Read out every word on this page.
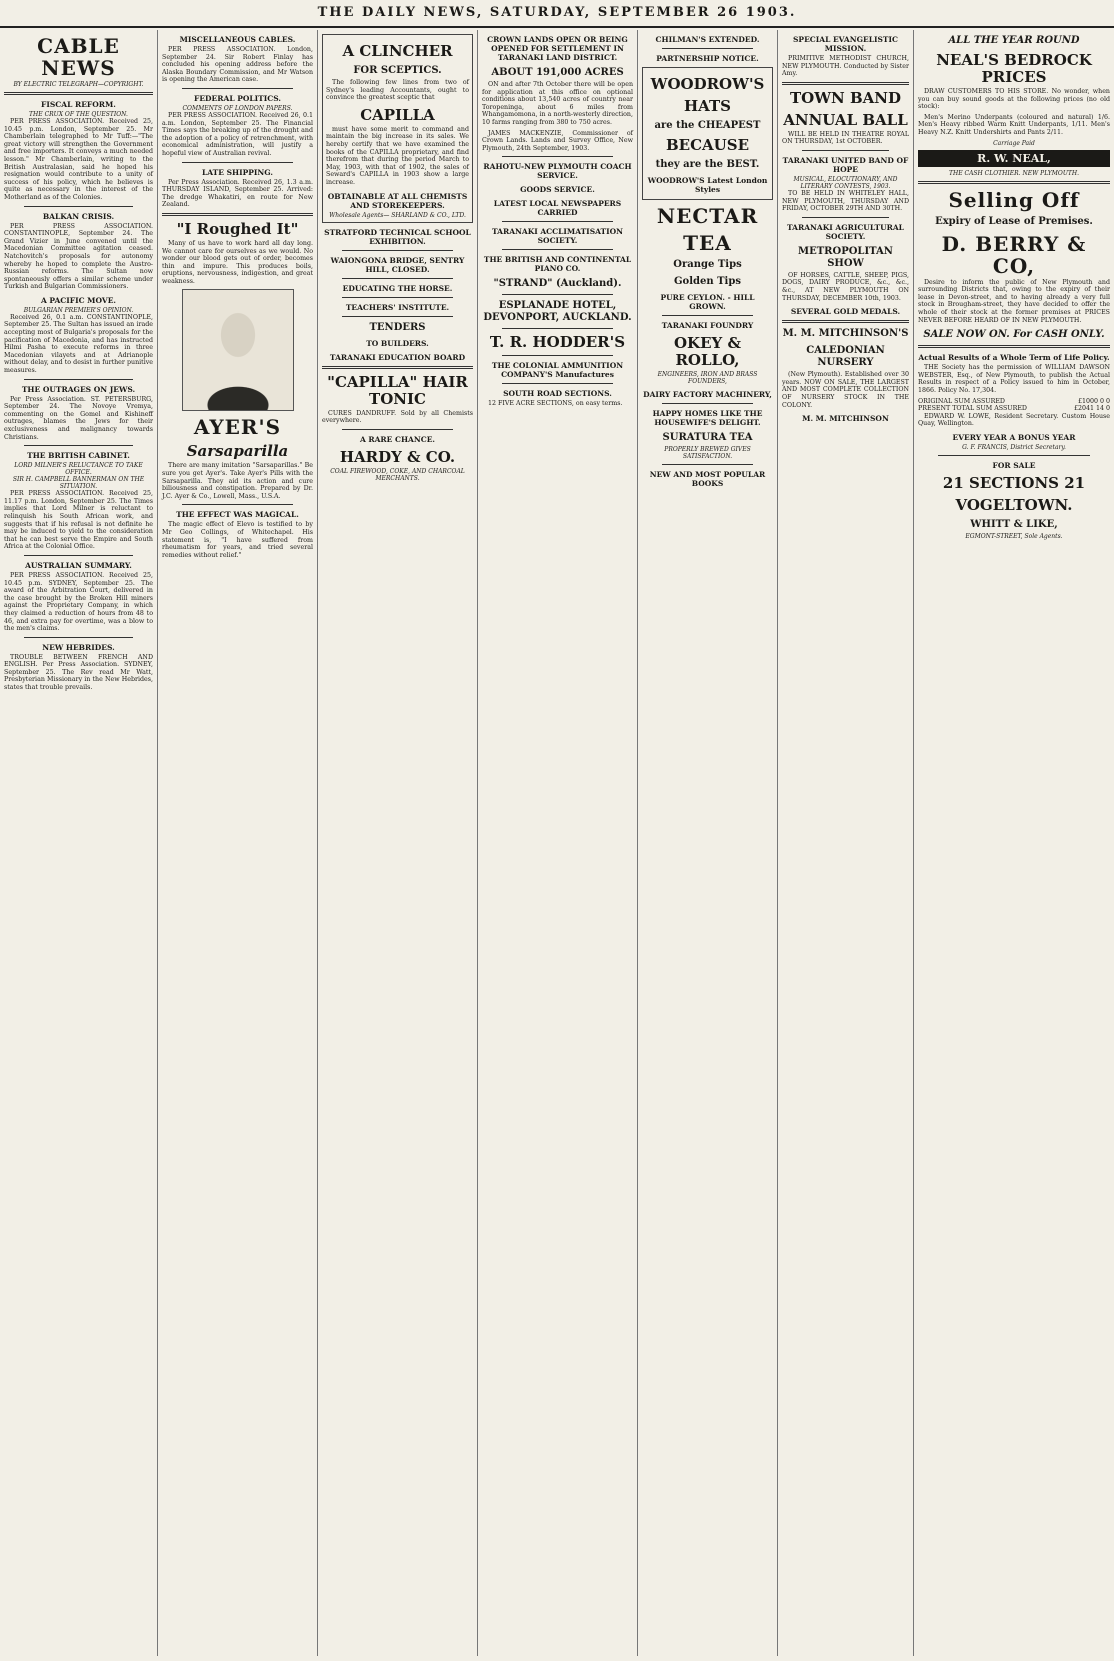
THE DAILY NEWS, SATURDAY, SEPTEMBER 26 1903.
CABLE NEWS
BY ELECTRIC TELEGRAPH—COPYRIGHT.
FISCAL REFORM.
THE CRUX OF THE QUESTION.

PER PRESS ASSOCIATION. Received 25, 10.45 p.m. London, September 25. Mr Chamberlain telegraphed to Mr Tuff:—"The great victory will strengthen the Government and free importers. It conveys a much needed lesson." Mr Chamberlain, writing to the British Australasian, said he hoped his resignation would contribute to a unity of success of his policy, which he believes is quite as necessary in the interest of the Motherland as of the Colonies.

BALKAN CRISIS.

PER PRESS ASSOCIATION. CONSTANTINOPLE, September 24. The Grand Vizier in June convened until the Macedonian Committee agitation ceased. Natchovitch's proposals for autonomy whereby he hoped to complete the Austro-Russian reforms. The Sultan now spontaneously offers a similar scheme under Turkish and Bulgarian Commissioners.

A PACIFIC MOVE.
BULGARIAN PREMIER'S OPINION.

Received 26, 0.1 a.m. CONSTANTINOPLE, September 25. The Sultan has issued an irade accepting most of Bulgaria's proposals for the pacification of Macedonia, and has instructed Hilmi Pasha to execute reforms in three Macedonian vilayets and at Adrianople without delay, and to desist in further punitive measures.

THE OUTRAGES ON JEWS.

Per Press Association. ST. PETERSBURG, September 24. The Novoye Vremya, commenting on the Gomel and Kishineff outrages, blames the Jews for their exclusiveness and malignancy towards Christians.

THE BRITISH CABINET.
LORD MILNER'S RELUCTANCE TO TAKE OFFICE.
SIR H. CAMPBELL BANNERMAN ON THE SITUATION.

PER PRESS ASSOCIATION. Received 25, 11.17 p.m. London, September 25. The Times implies that Lord Milner is reluctant to relinquish his South African work, and suggests that if his refusal is not definite he may be induced to yield to the consideration that he can best serve the Empire and South Africa at the Colonial Office.

AUSTRALIAN SUMMARY.

PER PRESS ASSOCIATION. Received 25, 10.45 p.m. SYDNEY, September 25. The award of the Arbitration Court, delivered in the case brought by the Broken Hill miners against the Proprietary Company, in which they claimed a reduction of hours from 48 to 46, and extra pay for overtime, was a blow to the men's claims.

NEW HEBRIDES.

TROUBLE BETWEEN FRENCH AND ENGLISH. Per Press Association. SYDNEY, September 25. The Rev read Mr Watt, Presbyterian Missionary in the New Hebrides, states that trouble prevails.

MISCELLANEOUS CABLES.

PER PRESS ASSOCIATION. London, September 24. Sir Robert Finlay has concluded his opening address before the Alaska Boundary Commission, and Mr Watson is opening the American case.

FEDERAL POLITICS.
COMMENTS OF LONDON PAPERS.

PER PRESS ASSOCIATION. Received 26, 0.1 a.m. London, September 25. The Financial Times says the breaking up of the drought and the adoption of a policy of retrenchment, with economical administration, will justify a hopeful view of Australian revival.

LATE SHIPPING.

Per Press Association. Received 26, 1.3 a.m. THURSDAY ISLAND, September 25. Arrived: The dredge Whakatiri, en route for New Zealand.

"I Roughed It"

Many of us have to work hard all day long. We cannot care for ourselves as we would. No wonder our blood gets out of order, becomes thin and impure. This produces boils, eruptions, nervousness, indigestion, and great weakness.

AYER'S
Sarsaparilla

There are many imitation "Sarsaparillas." Be sure you get Ayer's. Take Ayer's Pills with the Sarsaparilla. They aid its action and cure biliousness and constipation. Prepared by Dr. J.C. Ayer & Co., Lowell, Mass., U.S.A.

THE EFFECT WAS MAGICAL.

The magic effect of Elevo is testified to by Mr Geo Collings, of Whitechapel. His statement is, "I have suffered from rheumatism for years, and tried several remedies without relief."

A CLINCHER
FOR SCEPTICS.

The following few lines from two of Sydney's leading Accountants, ought to convince the greatest sceptic that

CAPILLA

must have some merit to command and maintain the big increase in its sales. We hereby certify that we have examined the books of the CAPILLA proprietary, and find therefrom that during the period March to May, 1903, with that of 1902, the sales of Seward's CAPILLA in 1903 show a large increase.

OBTAINABLE AT ALL CHEMISTS AND STOREKEEPERS.
Wholesale Agents— SHARLAND & CO., LTD.
STRATFORD TECHNICAL SCHOOL EXHIBITION.
WAIONGONA BRIDGE, SENTRY HILL, CLOSED.
EDUCATING THE HORSE.
TEACHERS' INSTITUTE.
TENDERS
TO BUILDERS.
TARANAKI EDUCATION BOARD
"CAPILLA" HAIR TONIC

CURES DANDRUFF. Sold by all Chemists everywhere.

A RARE CHANCE.
HARDY & CO.
COAL FIREWOOD, COKE, AND CHARCOAL MERCHANTS.
CROWN LANDS OPEN OR BEING OPENED FOR SETTLEMENT IN TARANAKI LAND DISTRICT.
ABOUT 191,000 ACRES

ON and after 7th October there will be open for application at this office on optional conditions about 13,540 acres of country near Toropeninga, about 6 miles from Whangamomona, in a north-westerly direction, 10 farms ranging from 380 to 750 acres.

JAMES MACKENZIE, Commissioner of Crown Lands. Lands and Survey Office, New Plymouth, 24th September, 1903.

RAHOTU-NEW PLYMOUTH COACH SERVICE.
GOODS SERVICE.
LATEST LOCAL NEWSPAPERS CARRIED
TARANAKI ACCLIMATISATION SOCIETY.
THE BRITISH AND CONTINENTAL PIANO CO.
"STRAND" (Auckland).
ESPLANADE HOTEL, DEVONPORT, AUCKLAND.
T. R. HODDER'S
THE COLONIAL AMMUNITION COMPANY'S Manufactures
SOUTH ROAD SECTIONS.

12 FIVE ACRE SECTIONS, on easy terms.

CHILMAN'S EXTENDED.
PARTNERSHIP NOTICE.
WOODROW'S
HATS
are the CHEAPEST
BECAUSE
they are the BEST.
WOODROW'S Latest London Styles
NECTAR
TEA
Orange Tips
Golden Tips
PURE CEYLON. - HILL GROWN.
TARANAKI FOUNDRY
OKEY & ROLLO,
ENGINEERS, IRON AND BRASS FOUNDERS,
DAIRY FACTORY MACHINERY,
HAPPY HOMES LIKE THE HOUSEWIFE'S DELIGHT.
SURATURA TEA
PROPERLY BREWED GIVES SATISFACTION.
NEW AND MOST POPULAR BOOKS
SPECIAL EVANGELISTIC MISSION.

PRIMITIVE METHODIST CHURCH, NEW PLYMOUTH. Conducted by Sister Amy.

TOWN BAND
ANNUAL BALL

WILL BE HELD IN THEATRE ROYAL ON THURSDAY, 1st OCTOBER.

TARANAKI UNITED BAND OF HOPE
MUSICAL, ELOCUTIONARY, AND LITERARY CONTESTS, 1903.

TO BE HELD IN WHITELEY HALL, NEW PLYMOUTH, THURSDAY AND FRIDAY, OCTOBER 29TH AND 30TH.

TARANAKI AGRICULTURAL SOCIETY.
METROPOLITAN SHOW

OF HORSES, CATTLE, SHEEP, PIGS, DOGS, DAIRY PRODUCE, &c., &c., &c., AT NEW PLYMOUTH ON THURSDAY, DECEMBER 10th, 1903.

SEVERAL GOLD MEDALS.
M. M. MITCHINSON'S
CALEDONIAN NURSERY

(New Plymouth). Established over 30 years. NOW ON SALE, THE LARGEST AND MOST COMPLETE COLLECTION OF NURSERY STOCK IN THE COLONY.

M. M. MITCHINSON
ALL THE YEAR ROUND
NEAL'S BEDROCK PRICES

DRAW CUSTOMERS TO HIS STORE. No wonder, when you can buy sound goods at the following prices (no old stock):

Men's Merino Underpants (coloured and natural) 1/6. Men's Heavy ribbed Warm Knitt Underpants, 1/11. Men's Heavy N.Z. Knitt Undershirts and Pants 2/11.

Carriage Paid
R. W. NEAL,
THE CASH CLOTHIER. NEW PLYMOUTH.
Selling Off
Expiry of Lease of Premises.
D. BERRY & CO,

Desire to inform the public of New Plymouth and surrounding Districts that, owing to the expiry of their lease in Devon-street, and to having already a very full stock in Brougham-street, they have decided to offer the whole of their stock at the former premises at PRICES NEVER BEFORE HEARD OF IN NEW PLYMOUTH.

SALE NOW ON. For CASH ONLY.
Actual Results of a Whole Term of Life Policy.

THE Society has the permission of WILLIAM DAWSON WEBSTER, Esq., of New Plymouth, to publish the Actual Results in respect of a Policy issued to him in October, 1866. Policy No. 17,304.

ORIGINAL SUM ASSURED	£1000 0 0
PRESENT TOTAL SUM ASSURED	£2041 14 0

EDWARD W. LOWE, Resident Secretary. Custom House Quay, Wellington.

EVERY YEAR A BONUS YEAR
G. F. FRANCIS, District Secretary.
FOR SALE
21 SECTIONS 21
VOGELTOWN.
WHITT & LIKE,
EGMONT-STREET, Sole Agents.
